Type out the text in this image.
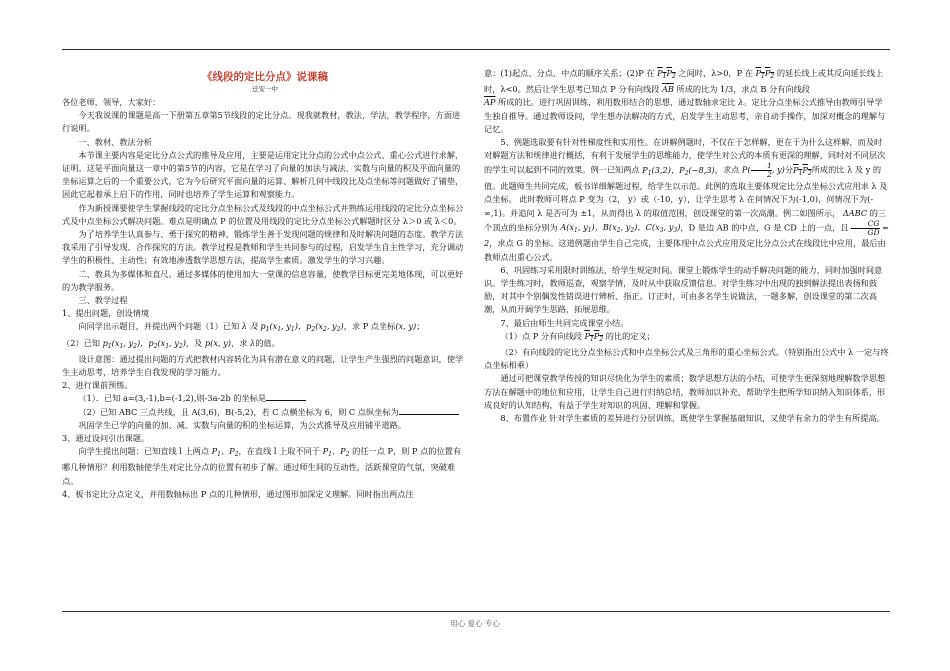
《线段的定比分点》说课稿
迁安一中

各位老师，领导，大家好：

今天我说课的课题是高一下册第五章第5节线段的定比分点。现我就教材，教法，学法，教学程序，方面进行说明。

一、教材、教法分析

本节课主要内容是定比分点公式的推导及应用，主要是运用定比分点的公式中点公式、重心公式进行求解，证明。这是平面向量这一章中的第5节的内容，它是在学习了向量的加法与减法、实数与向量的积及平面向量的坐标运算之后的一个重要公式，它为今后研究平面向量的运算、解析几何中线段比及点坐标等问题做好了铺垫，因此它起着承上启下的作用，同时也培养了学生运算和观察能力。

作为新授课要使学生掌握线段的定比分点坐标公式及线段的中点坐标公式并熟练运用线段的定比分点坐标公式及中点坐标公式解决问题。难点是明确点 P 的位置及用线段的定比分点坐标公式解题时区分 λ＞0 或 λ＜0。

为了培养学生认真参与、勇于探究的精神，锻炼学生善于发现问题的规律和及时解决问题的态度。教学方法我采用了引导发现、合作探究的方法。教学过程是教师和学生共同参与的过程，启发学生自主性学习，充分调动学生的积极性、主动性；有效地渗透数学思想方法，提高学生素质。激发学生的学习兴趣。

二、教具为多媒体和直尺。通过多媒体的使用加大一堂课的信息容量，使教学目标更完美地体现，可以更好的为教学服务。

三、教学过程

1、提出问题，创设情境

向同学出示题目，并提出两个问题（1）已知 λ 及 $p_1(x_1$, $y_1$)，$p_2(x_2$, $y_2$)，求 P 点坐标(x, y)；

（2）已知 $p_1(x_1$, $y_2$)，$p_2(x_1$, $y_2$)，及 p(x, y)，求 λ的值。

设计意图：通过提出问题的方式把教材内容转化为具有潜在意义的问题，让学生产生强烈的问题意识，使学生主动思考，培养学生自我发现的学习能力。

2、进行课前预练。

（1）．已知 a=(3,-1),b=(-1,2),则-3a-2b 的坐标是

（2）已知 ABC 三点共线，且 A(3,6)，B(-5,2)，若 C 点横坐标为 6，则 C 点纵坐标为

巩固学生已学的向量的加、减、实数与向量的积的坐标运算，为公式推导及应用铺平道路。

3、通过设问引出课题。

向学生提出问题：已知直线 l 上两点 $P_1$、$P_2$，在直线 l 上取不同于 $P_1$、$P_2$ 的任一点 P，则 P 点的位置有哪几种情形？利用数轴使学生对定比分点的位置有初步了解。通过师生间的互动性，活跃课堂的气氛，突破难点。

4、板书定比分点定义，并用数轴标出 P 点的几种情形，通过图形加深定义理解。同时指出两点注

意：(1)起点、分点、中点的顺序关系；(2)P 在 $P_1P_2$ 之间时，λ>0，P 在 $P_1P_2$ 的延长线上或其反向延长线上时，λ<0。然后让学生思考已知点 P 分有向线段 $\overline{AB}$ 所成的比为 1/3，求点 B 分有向线段

$\overline{AP}$ 所成的比。进行巩固训练，利用数形结合的思想，通过数轴求定比 λ。定比分点坐标公式推导由教师引导学生独自推导。通过教师设问，学生想办法解决的方式，启发学生主动思考，亲自动手操作，加深对概念的理解与记忆。

5、例题选取要有针对性梯度性和实用性。在讲解例题时，不仅在于怎样解，更在于为什么这样解，而及时对解题方法和规律进行概括，有利于发展学生的思维能力，使学生对公式的本质有更深的理解，同时对不同层次的学生可以起到不同的效果。例一已知两点 $P_1(3,2)$，$P_2(-8,3)$，求点 $P( \frac{1}{2}$ , y)分$P_1P_2$所成的比 λ 及 y 的值。此题师生共同完成，板书详细解题过程，给学生以示范。此例的选取主要体现定比分点坐标公式应用求 λ 及点坐标。 此时教师可将点 P 变为（2， y）或（-10，y），让学生思考 λ 在何情况下为(-1,0)，何情况下为(-∞,1)。并追问 λ 是否可为 ±1，从而得出 λ 的取值范围，创设课堂的第一次高潮。例二如图所示， ΔABC 的三个顶点的坐标分别为 $A(x_1$, $y_1$)，$B(x_2$, $y_2$)，$C(x_3$, $y_3$)，D 是边 AB 的中点，G 是 CD 上的一点，且 $\frac{CG}{GD} = 2$，求点 G 的坐标。这道例题由学生自己完成，主要体现中点公式应用及定比分点公式在线段比中应用，最后由教师点出重心公式。

6、巩固练习采用限时训练法，给学生规定时间。课堂上锻炼学生的动手解决问题的能力，同时加强时间意识。学生练习时，教师巡查，观察学情，及时从中获取反馈信息。对学生练习中出现的独到解法提出表扬和鼓励，对其中个别偶发性错误进行辨析、指正。订正时，可由多名学生说做法，一题多解，创设课堂的第二次高潮，从而开阔学生思路，拓展思维。

7、最后由师生共同完成课堂小结。

（1）点 P 分有向线段 $P_1P_2$ 的比的定义；

（2）有向线段的定比分点坐标公式和中点坐标公式及三角形的重心坐标公式。（特别指出公式中 λ 一定与终点坐标相乘）

通过可把课堂教学传授的知识尽快化为学生的素质；数学思想方法的小结，可使学生更深刻地理解数学思想方法在解题中的地位和应用，让学生自己进行归纳总结，教师加以补充，帮助学生把所学知识纳入知识体系，形成良好的认知结构，有益于学生对知识的巩固、理解和掌握。

8、布置作业 针对学生素质的差异进行分层训练，既使学生掌握基础知识，又使学有余力的学生有所提高。

用心 爱心 专心
